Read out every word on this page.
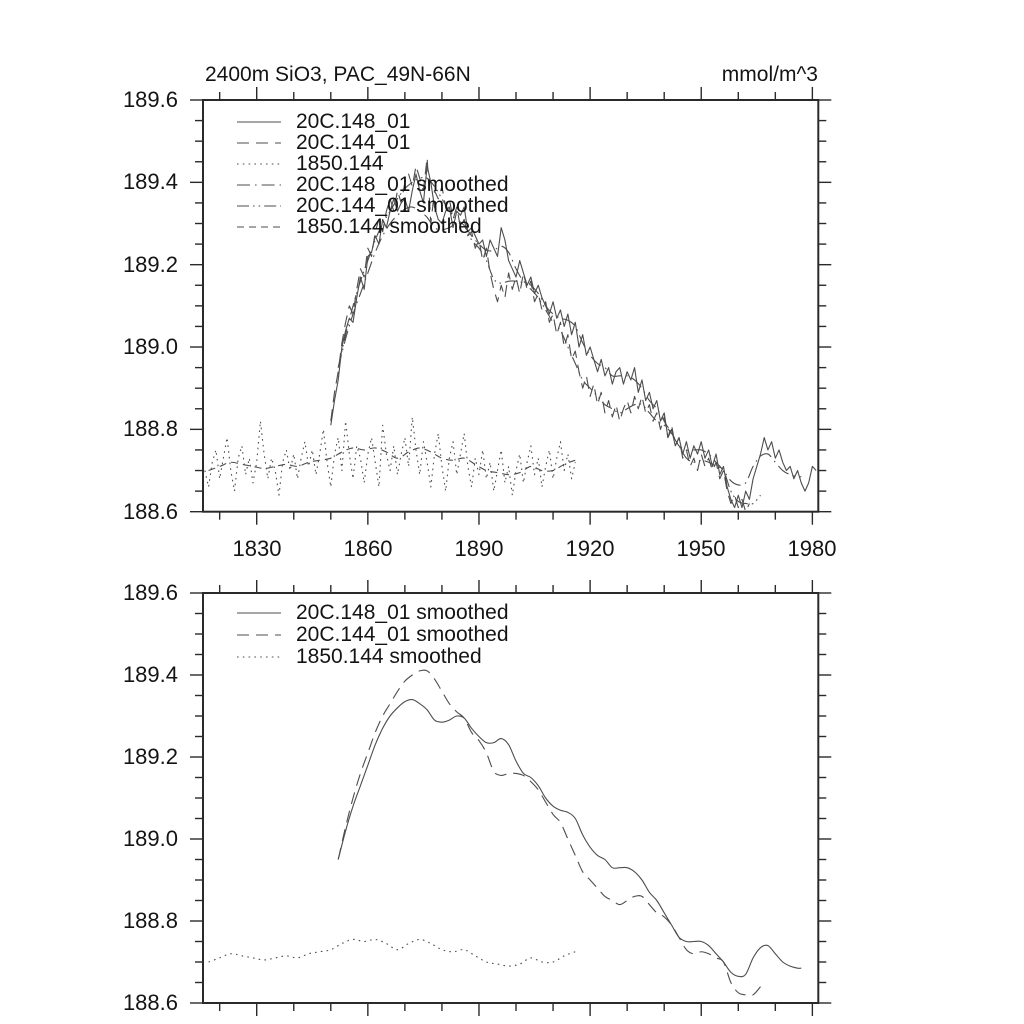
2400m SiO3, PAC_49N-66N	mmol/m^3
189.6
189.4
189.2
189.0
188.8
188.6
1830	1860	1890	1920	1950	1980
189.6
189.4
189.2
189.0
188.8
188.6
20C.148_01
20C.144_01
1850.144
20C.148_01 smoothed
20C.144_01 smoothed
1850.144 smoothed
20C.148_01 smoothed
20C.144_01 smoothed
1850.144 smoothed
